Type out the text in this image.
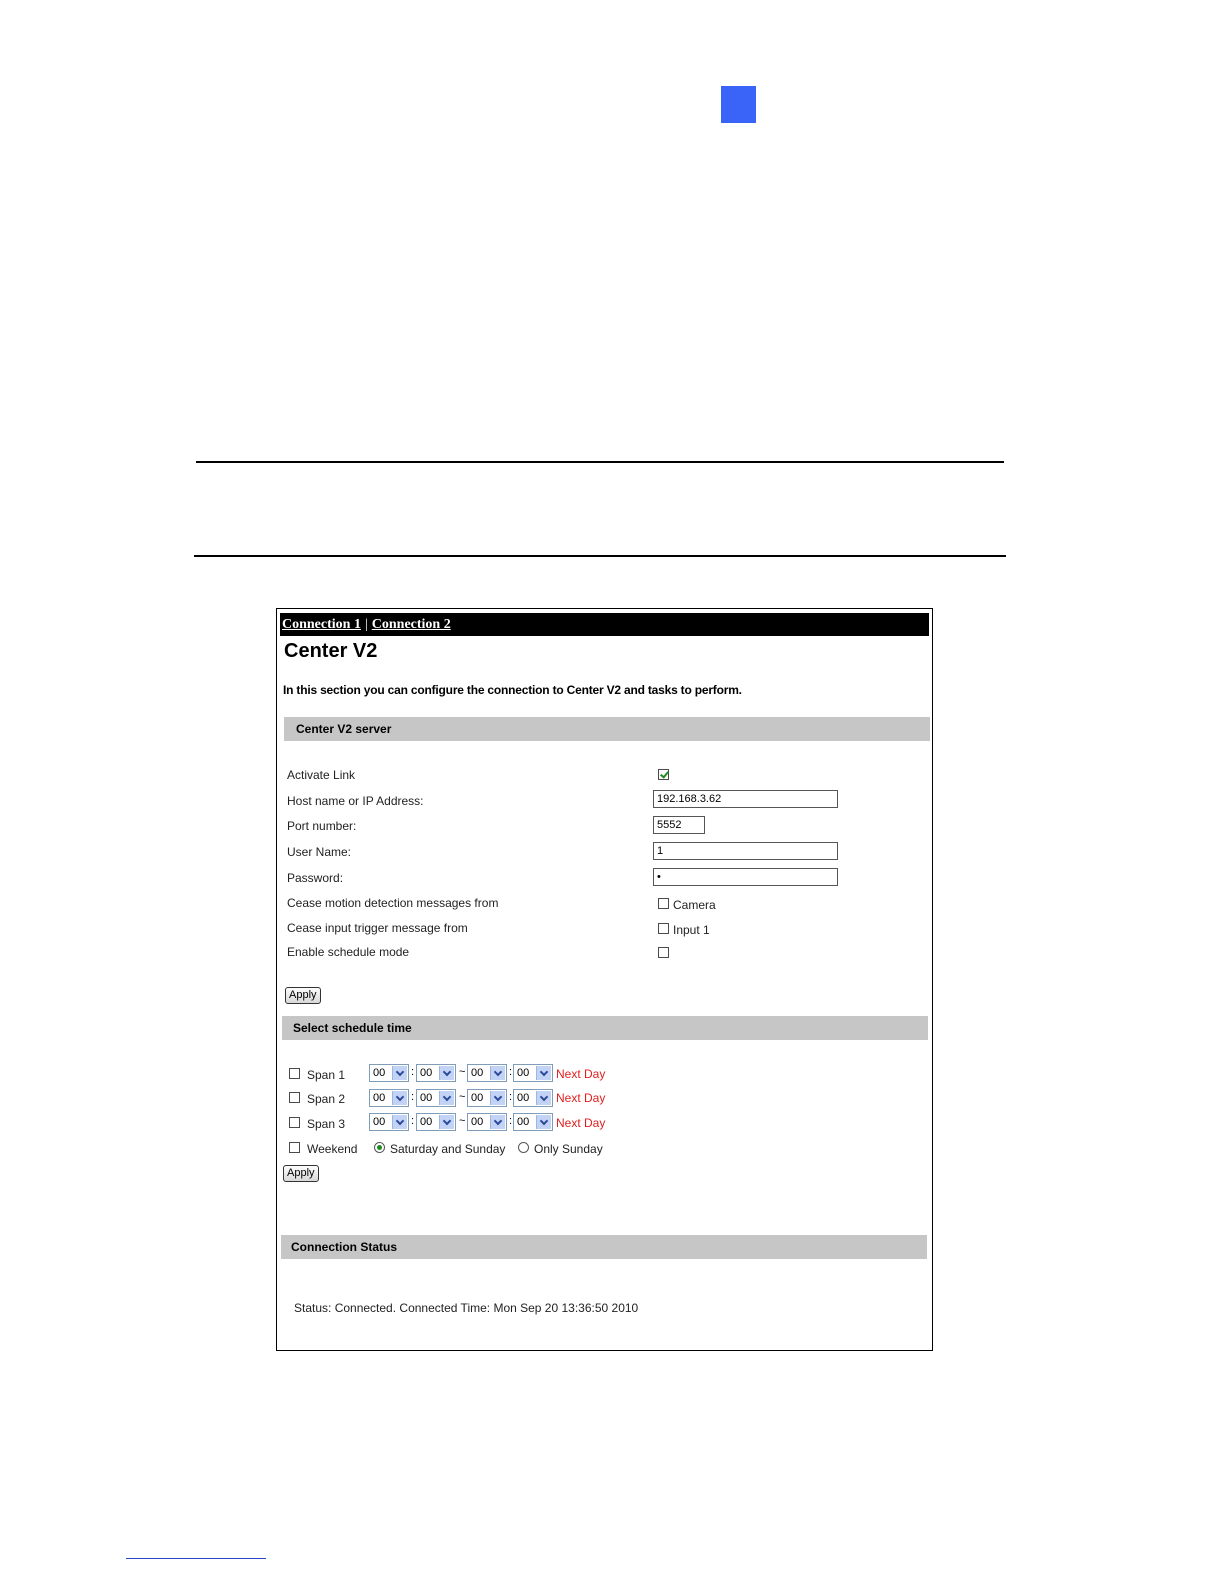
Connection 1 | Connection 2
Center V2
In this section you can configure the connection to Center V2 and tasks to perform.
Center V2 server
Activate Link
Host name or IP Address:	192.168.3.62
Port number:	5552
User Name:	1
Password:	•
Cease motion detection messages from	Camera
Cease input trigger message from	Input 1
Enable schedule mode
Apply
Select schedule time
Span 1	00	: 00	~ 00	: 00	Next Day
Span 2	00	: 00	~ 00	: 00	Next Day
Span 3	00	: 00	~ 00	: 00	Next Day
Weekend	Saturday and Sunday Only Sunday
Apply
Connection Status
Status: Connected. Connected Time: Mon Sep 20 13:36:50 2010
